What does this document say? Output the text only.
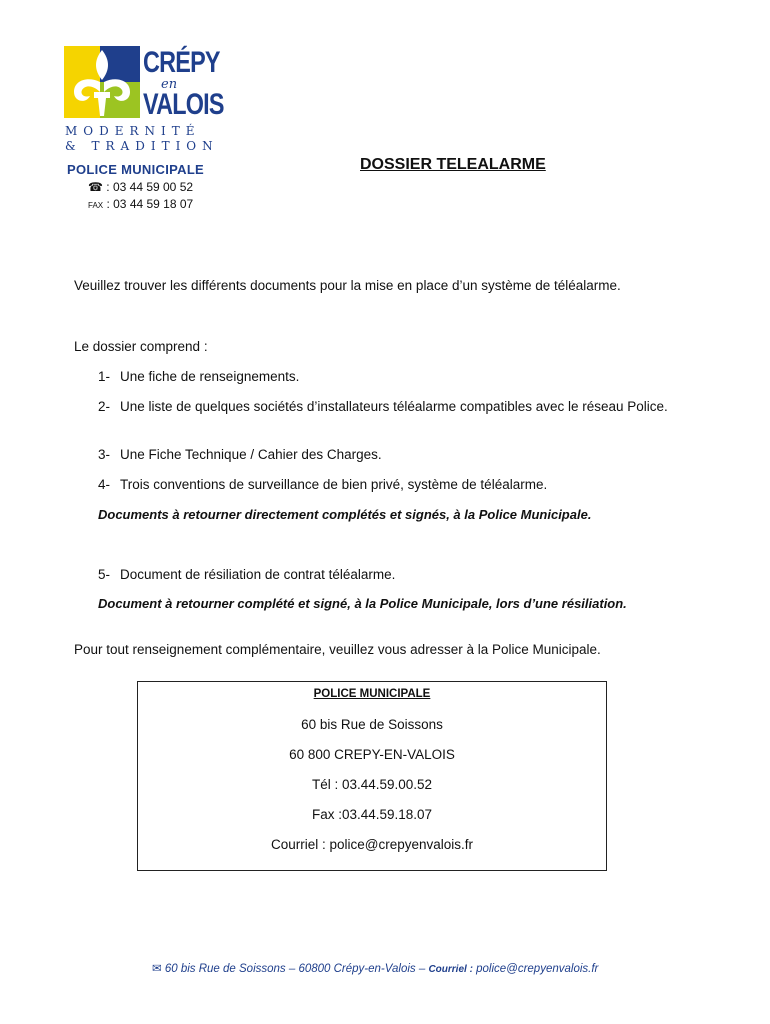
CRÉPY
en
VALOIS
MODERNITÉ
& TRADITION
POLICE MUNICIPALE
☎ : 03 44 59 00 52
FAX : 03 44 59 18 07
DOSSIER TELEALARME
Veuillez trouver les différents documents pour la mise en place d’un système de téléalarme.
Le dossier comprend :
1- Une fiche de renseignements.
2- Une liste de quelques sociétés d’installateurs téléalarme compatibles avec le réseau Police.
3- Une Fiche Technique / Cahier des Charges.
4- Trois conventions de surveillance de bien privé, système de téléalarme.
Documents à retourner directement complétés et signés, à la Police Municipale.
5- Document de résiliation de contrat téléalarme.
Document à retourner complété et signé, à la Police Municipale, lors d’une résiliation.
Pour tout renseignement complémentaire, veuillez vous adresser à la Police Municipale.
POLICE MUNICIPALE
60 bis Rue de Soissons
60 800 CREPY-EN-VALOIS
Tél : 03.44.59.00.52
Fax :03.44.59.18.07
Courriel : police@crepyenvalois.fr
✉ 60 bis Rue de Soissons – 60800 Crépy-en-Valois – Courriel : police@crepyenvalois.fr
